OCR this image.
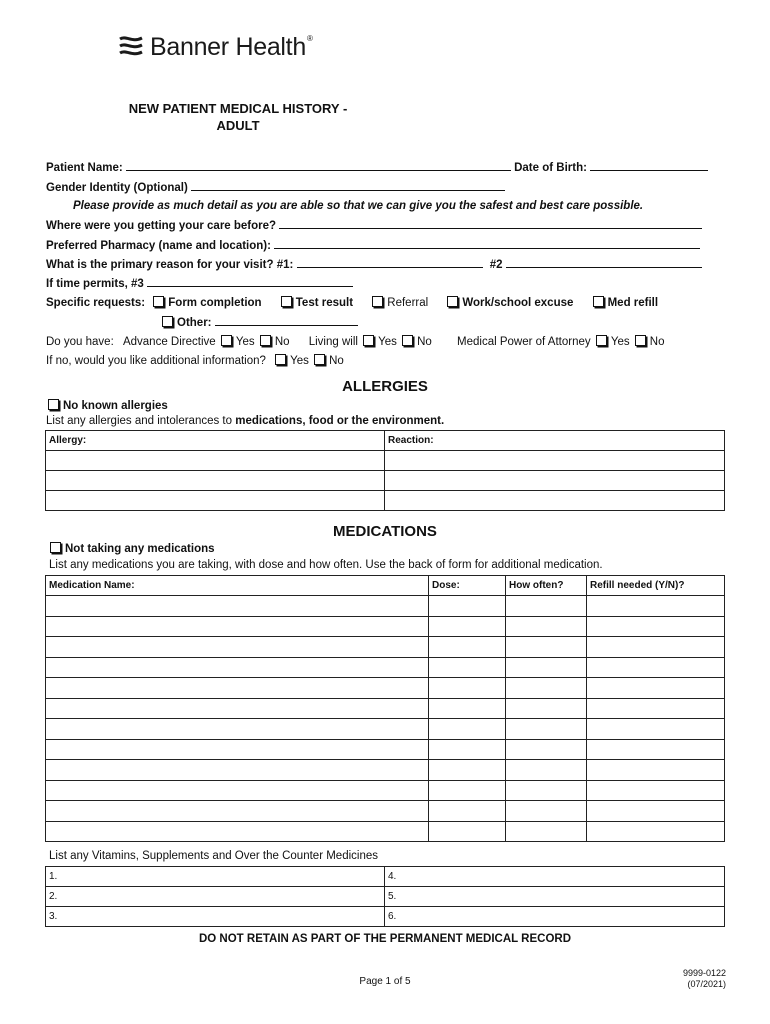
Banner Health ®
NEW PATIENT MEDICAL HISTORY -
ADULT
Patient Name:	Date of Birth:
Gender Identity (Optional)
Please provide as much detail as you are able so that we can give you the safest and best care possible.
Where were you getting your care before?
Preferred Pharmacy (name and location):
What is the primary reason for your visit? #1:	#2
If time permits, #3
Specific requests: Form completion	Test result	Referral	Work/school excuse	Med refill
Other:
Do you have: Advance Directive Yes No Living will Yes No Medical Power of Attorney Yes No
If no, would you like additional information? Yes No
ALLERGIES
No known allergies
List any allergies and intolerances to medications, food or the environment.
Allergy:	Reaction:

MEDICATIONS
Not taking any medications
List any medications you are taking, with dose and how often. Use the back of form for additional medication.
Medication Name:	Dose:	How often?	Refill needed (Y/N)?

List any Vitamins, Supplements and Over the Counter Medicines
1.	4.
2.	5.
3.	6.
DO NOT RETAIN AS PART OF THE PERMANENT MEDICAL RECORD
Page 1 of 5
9999-0122
(07/2021)
